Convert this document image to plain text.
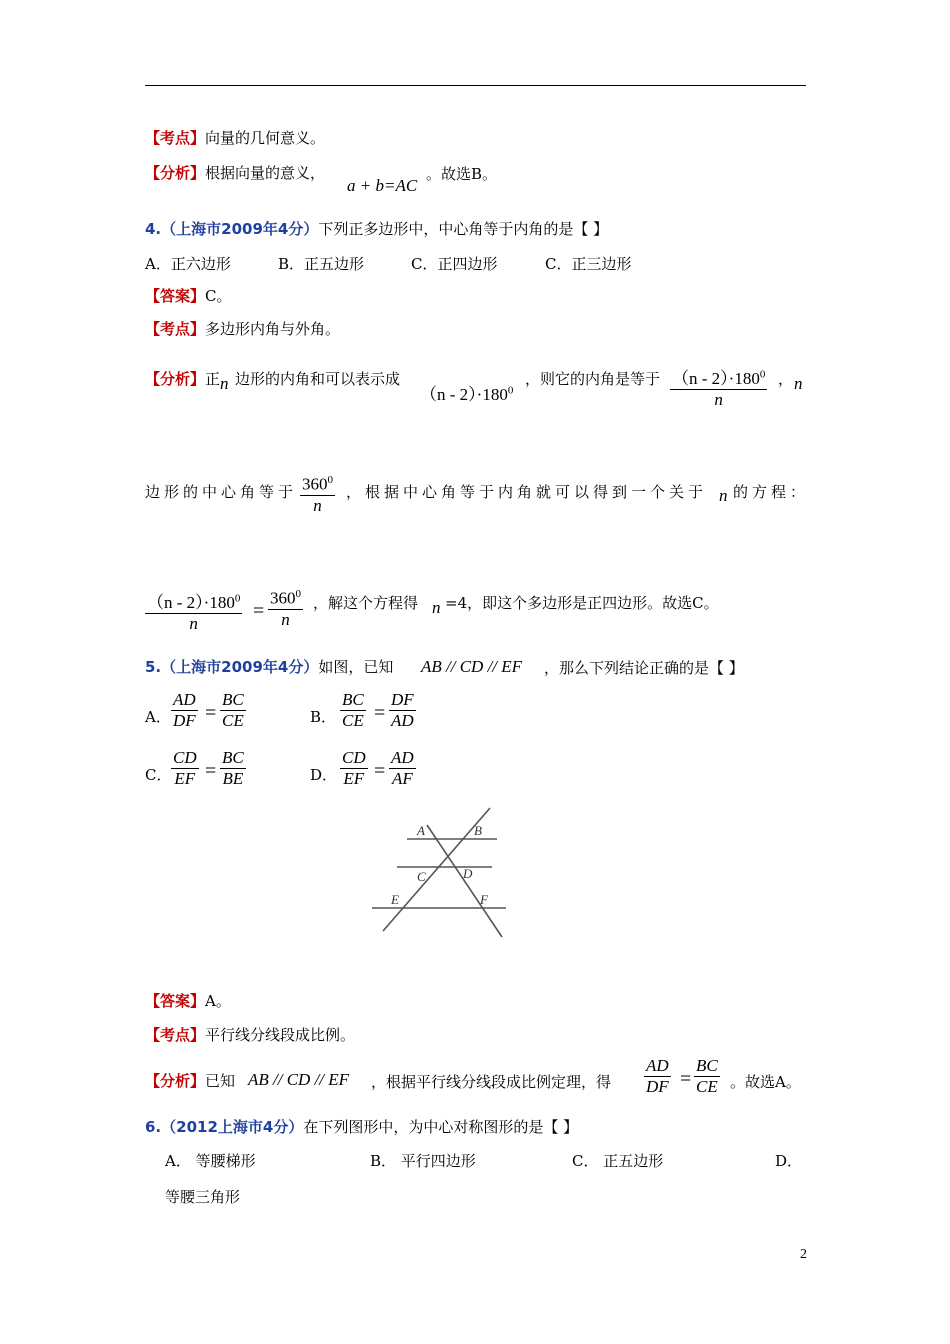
【考点】向量的几何意义。
【分析】根据向量的意义，
a + b=AC
。故选B。
4.（上海市2009年4分）下列正多边形中，中心角等于内角的是【 】
A．正六边形	B．正五边形	C．正四边形	C．正三边形
【答案】C。
【考点】多边形内角与外角。
【分析】正 n 边形的内角和可以表示成
$(n - 2)\cdot 180^0$
，则它的内角是等于 $\frac{(n - 2)\cdot 180^0}{n}$ ， n
边形的中心角等于 $\frac{360^0}{n}$ ，根据中心角等于内角就可以得到一个关于 n 的方程：
$\frac{(n - 2)\cdot 180^0}{n} = \frac{360^0}{n}$ ，解这个方程得 n =4，即这个多边形是正四边形。故选C。
5.（上海市2009年4分）如图，已知 AB // CD // EF ，那么下列结论正确的是【 】
A． $\frac{AD}{DF} = \frac{BC}{CE}$	B． $\frac{BC}{CE} = \frac{DF}{AD}$
C． $\frac{CD}{EF} = \frac{BC}{BE}$	D． $\frac{CD}{EF} = \frac{AD}{AF}$
A	B
C	D
E	F
【答案】A。
【考点】平行线分线段成比例。
【分析】已知 AB // CD // EF ，根据平行线分线段成比例定理，得 $\frac{AD}{DF} = \frac{BC}{CE}$ 。故选A。
6.（2012上海市4分）在下列图形中，为中心对称图形的是【 】
A． 等腰梯形	B． 平行四边形	C． 正五边形	D．
等腰三角形
2
